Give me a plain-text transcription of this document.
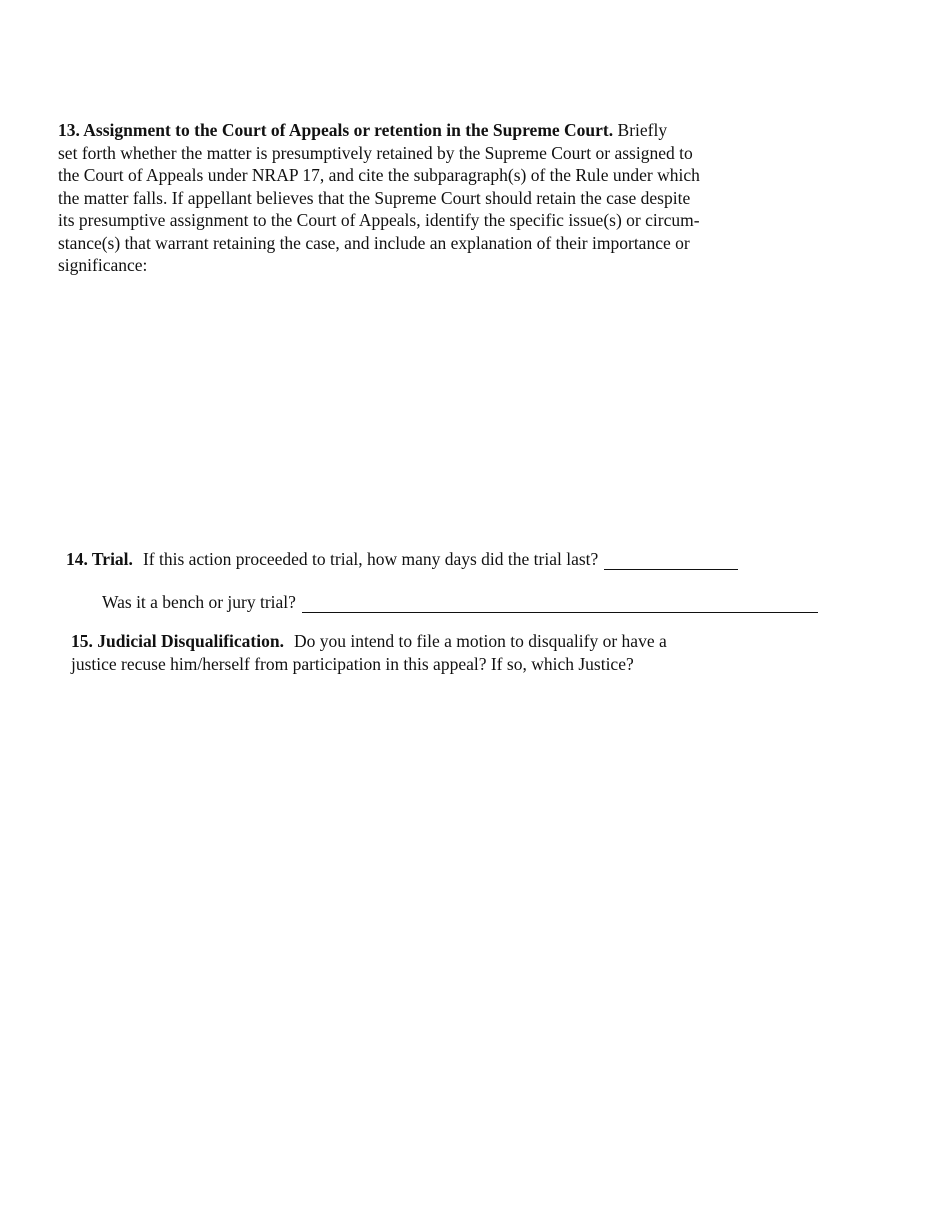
13. Assignment to the Court of Appeals or retention in the Supreme Court. Briefly
set forth whether the matter is presumptively retained by the Supreme Court or assigned to
the Court of Appeals under NRAP 17, and cite the subparagraph(s) of the Rule under which
the matter falls. If appellant believes that the Supreme Court should retain the case despite
its presumptive assignment to the Court of Appeals, identify the specific issue(s) or circum-
stance(s) that warrant retaining the case, and include an explanation of their importance or
significance:
14. Trial. If this action proceeded to trial, how many days did the trial last?
Was it a bench or jury trial?
15. Judicial Disqualification. Do you intend to file a motion to disqualify or have a
justice recuse him/herself from participation in this appeal? If so, which Justice?
